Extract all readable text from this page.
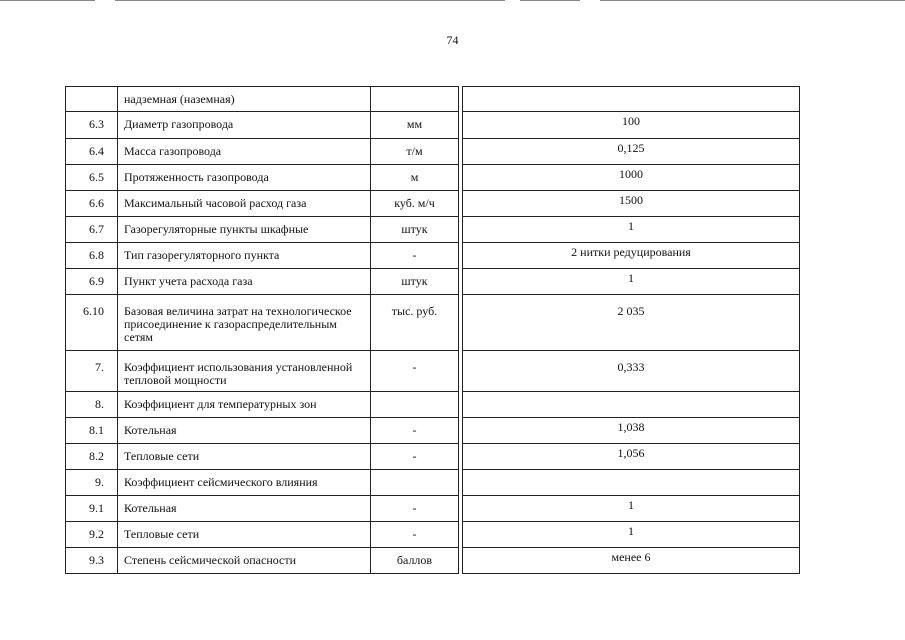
74
	надземная (наземная)			
6.3	Диаметр газопровода	мм		100
6.4	Масса газопровода	т/м		0,125
6.5	Протяженность газопровода	м		1000
6.6	Максимальный часовой расход газа	куб. м/ч		1500
6.7	Газорегуляторные пункты шкафные	штук		1
6.8	Тип газорегуляторного пункта	-		2 нитки редуцирования
6.9	Пункт учета расхода газа	штук		1
6.10	Базовая величина затрат на технологическое присоединение к газораспределительным сетям	тыс. руб.		2 035
7.	Коэффициент использования установленной тепловой мощности	-		0,333
8.	Коэффициент для температурных зон			
8.1	Котельная	-		1,038
8.2	Тепловые сети	-		1,056
9.	Коэффициент сейсмического влияния			
9.1	Котельная	-		1
9.2	Тепловые сети	-		1
9.3	Степень сейсмической опасности	баллов		менее 6
